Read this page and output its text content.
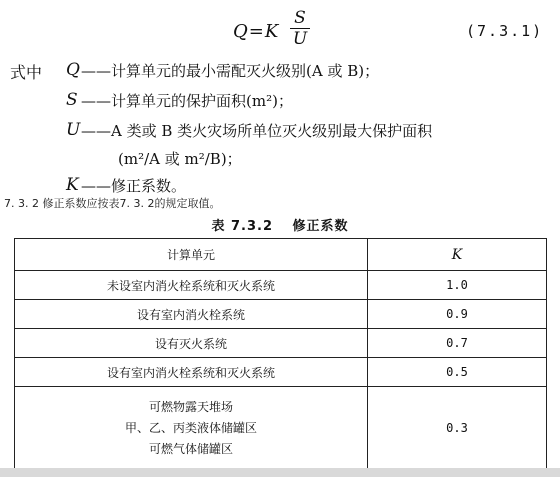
Q=K
S
U	(7.3.1)
式中 Q ——计算单元的最小需配灭火级别(A 或 B)；
S ——计算单元的保护面积(m²)；
U ——A 类或 B 类火灾场所单位灭火级别最大保护面积
(m²/A 或 m²/B)；
K ——修正系数。
7. 3. 2 修正系数应按表7. 3. 2的规定取值。
表 7.3.2 修正系数
计算单元	K
未设室内消火栓系统和灭火系统	1.0
设有室内消火栓系统	0.9
设有灭火系统	0.7
设有室内消火栓系统和灭火系统	0.5

可燃物露天堆场
甲、乙、丙类液体储罐区
可燃气体储罐区	0.3
